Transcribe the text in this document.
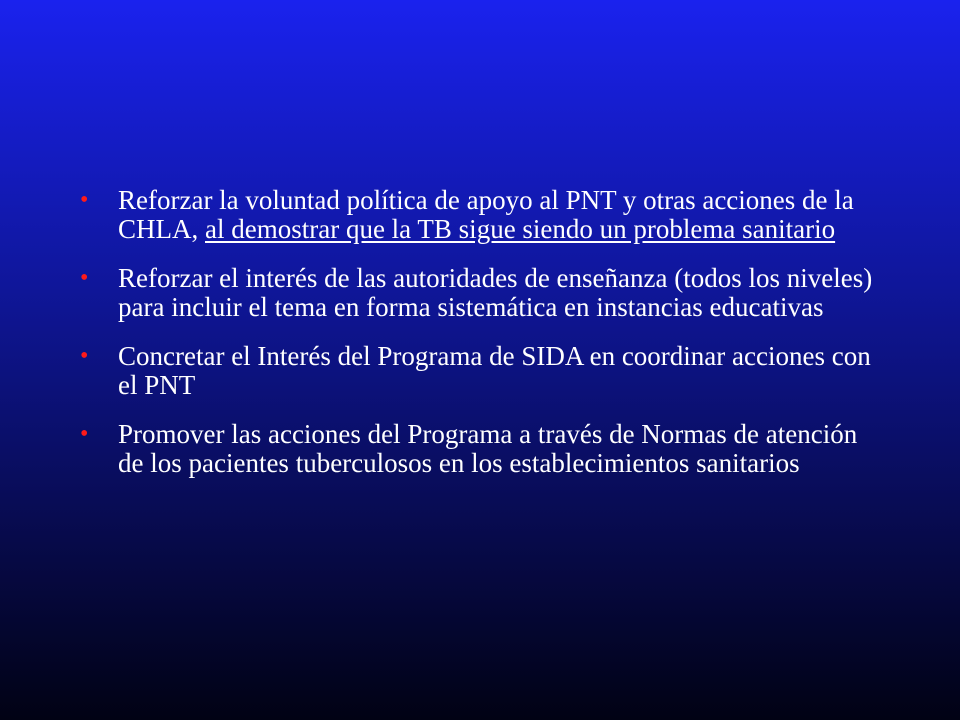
• Reforzar la voluntad política de apoyo al PNT y otras acciones de la CHLA, al demostrar que la TB sigue siendo un problema sanitario
• Reforzar el interés de las autoridades de enseñanza (todos los niveles) para incluir el tema en forma sistemática en instancias educativas
• Concretar el Interés del Programa de SIDA en coordinar acciones con el PNT
• Promover las acciones del Programa a través de Normas de atención de los pacientes tuberculosos en los establecimientos sanitarios
